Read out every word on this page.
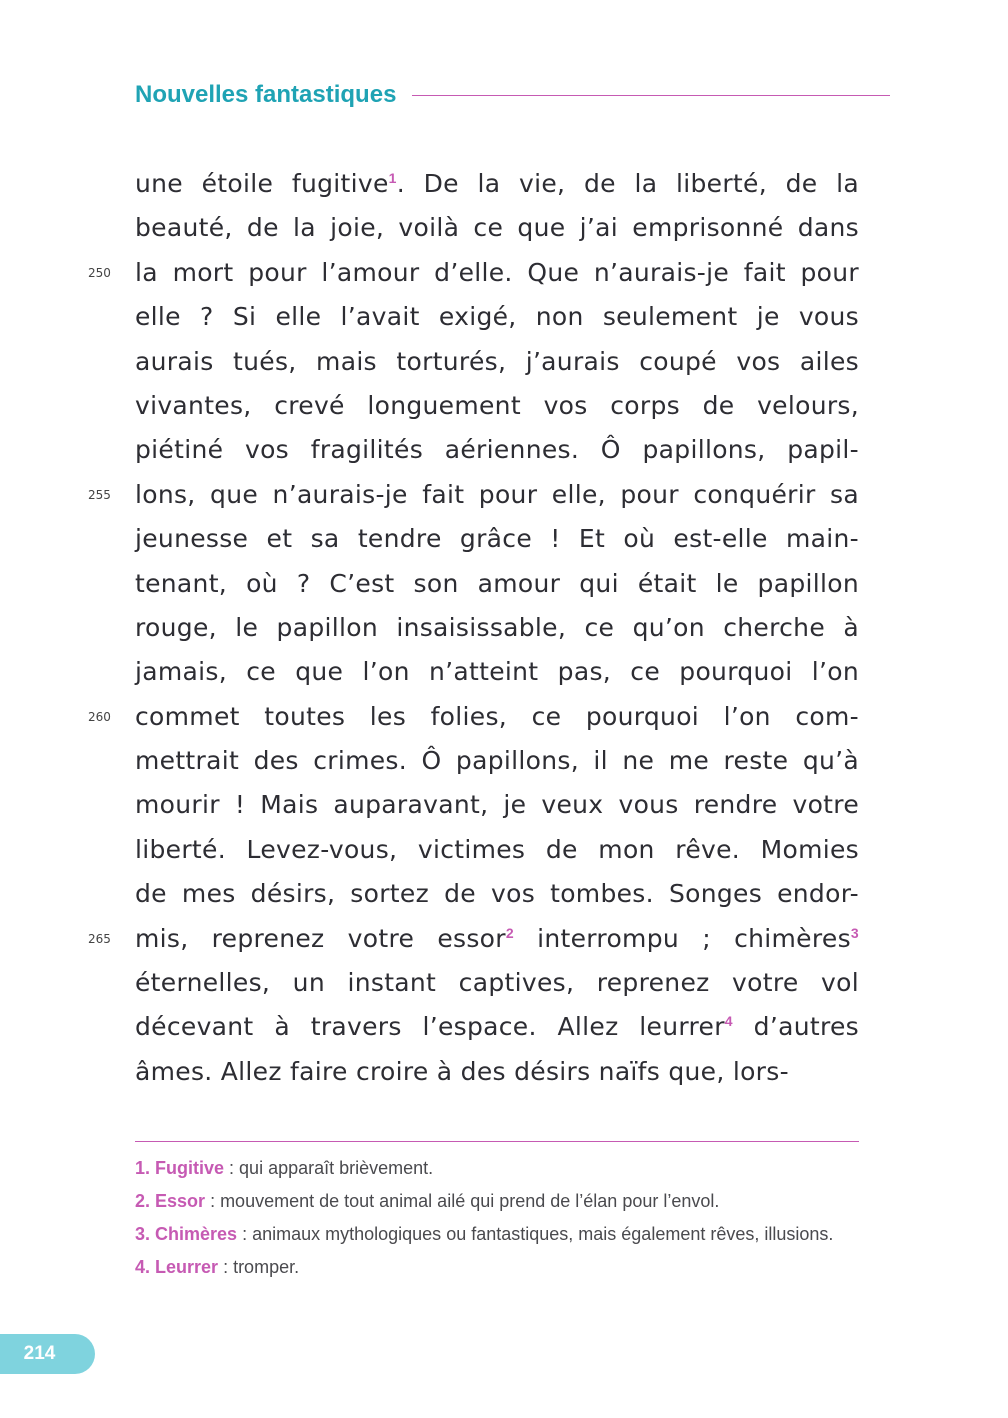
Nouvelles fantastiques
une étoile fugitive$^1$. De la vie, de la liberté, de la
beauté, de la joie, voilà ce que j’ai emprisonné dans
250 la mort pour l’amour d’elle. Que n’aurais-je fait pour
elle ? Si elle l’avait exigé, non seulement je vous
aurais tués, mais torturés, j’aurais coupé vos ailes
vivantes, crevé longuement vos corps de velours,
piétiné vos fragilités aériennes. Ô papillons, papil-
255 lons, que n’aurais-je fait pour elle, pour conquérir sa
jeunesse et sa tendre grâce ! Et où est-elle main-
tenant, où ? C’est son amour qui était le papillon
rouge, le papillon insaisissable, ce qu’on cherche à
jamais, ce que l’on n’atteint pas, ce pourquoi l’on
260 commet toutes les folies, ce pourquoi l’on com-
mettrait des crimes. Ô papillons, il ne me reste qu’à
mourir ! Mais auparavant, je veux vous rendre votre
liberté. Levez-vous, victimes de mon rêve. Momies
de mes désirs, sortez de vos tombes. Songes endor-
265 mis, reprenez votre essor$^2$ interrompu ; chimères$^3$
éternelles, un instant captives, reprenez votre vol
décevant à travers l’espace. Allez leurrer$^4$ d’autres
âmes. Allez faire croire à des désirs naïfs que, lors-

1. Fugitive : qui apparaît brièvement.

2. Essor : mouvement de tout animal ailé qui prend de l’élan pour l’envol.

3. Chimères : animaux mythologiques ou fantastiques, mais également rêves, illusions.

4. Leurrer : tromper.

214
